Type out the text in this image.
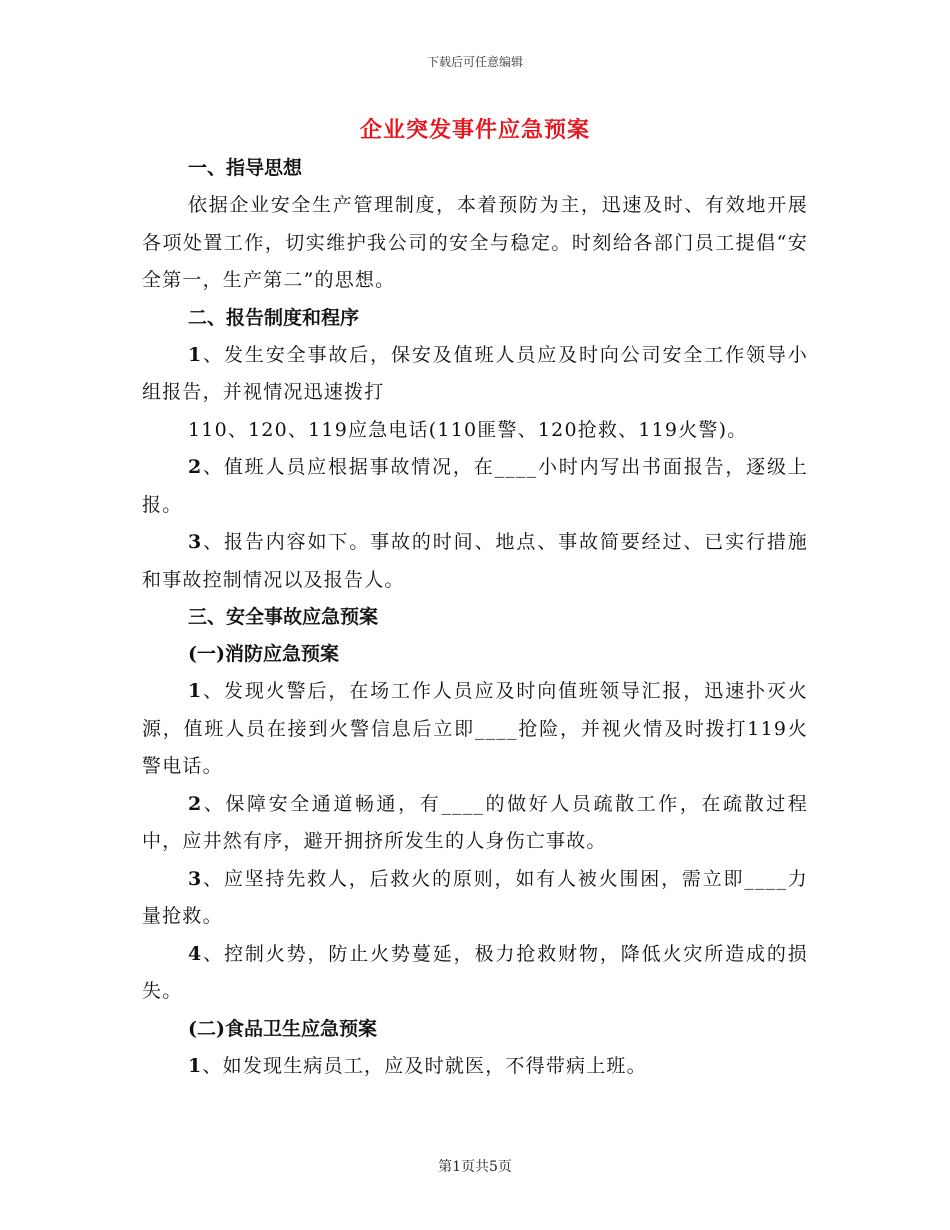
下载后可任意编辑
企业突发事件应急预案

一、指导思想

依据企业安全生产管理制度，本着预防为主，迅速及时、有效地开展各项处置工作，切实维护我公司的安全与稳定。时刻给各部门员工提倡“安全第一，生产第二”的思想。

二、报告制度和程序

1、发生安全事故后，保安及值班人员应及时向公司安全工作领导小组报告，并视情况迅速拨打

110、120、119应急电话(110匪警、120抢救、119火警)。

2、值班人员应根据事故情况，在____小时内写出书面报告，逐级上报。

3、报告内容如下。事故的时间、地点、事故简要经过、已实行措施和事故控制情况以及报告人。

三、安全事故应急预案

(一)消防应急预案

1、发现火警后，在场工作人员应及时向值班领导汇报，迅速扑灭火源，值班人员在接到火警信息后立即____抢险，并视火情及时拨打119火警电话。

2、保障安全通道畅通，有____的做好人员疏散工作，在疏散过程中，应井然有序，避开拥挤所发生的人身伤亡事故。

3、应坚持先救人，后救火的原则，如有人被火围困，需立即____力量抢救。

4、控制火势，防止火势蔓延，极力抢救财物，降低火灾所造成的损失。

(二)食品卫生应急预案

1、如发现生病员工，应及时就医，不得带病上班。

第1页共5页
